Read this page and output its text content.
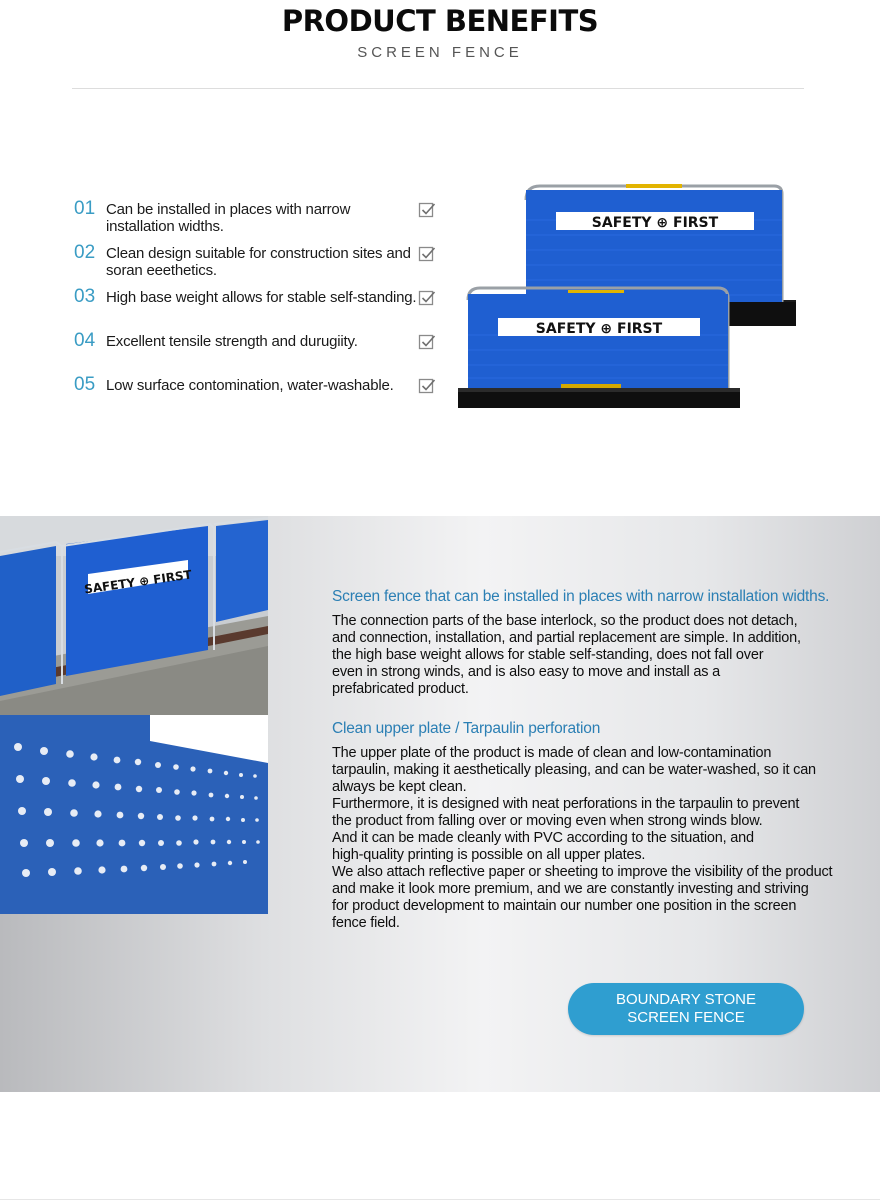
PRODUCT BENEFITS
SCREEN FENCE
01 Can be installed in places with narrow installation widths.
02 Clean design suitable for construction sites and soran eeethetics.
03 High base weight allows for stable self-standing.
04 Excellent tensile strength and durugiity.
05 Low surface contomination, water-washable.
SAFETY ⊕ FIRST
SAFETY ⊕ FIRST
SAFETY ⊕ FIRST
Screen fence that can be installed in places with narrow installation widths.
The connection parts of the base interlock, so the product does not detach,
and connection, installation, and partial replacement are simple. In addition,
the high base weight allows for stable self-standing, does not fall over
even in strong winds, and is also easy to move and install as a
prefabricated product.
Clean upper plate / Tarpaulin perforation
The upper plate of the product is made of clean and low-contamination
tarpaulin, making it aesthetically pleasing, and can be water-washed, so it can
always be kept clean.
Furthermore, it is designed with neat perforations in the tarpaulin to prevent
the product from falling over or moving even when strong winds blow.
And it can be made cleanly with PVC according to the situation, and
high-quality printing is possible on all upper plates.
We also attach reflective paper or sheeting to improve the visibility of the product
and make it look more premium, and we are constantly investing and striving
for product development to maintain our number one position in the screen
fence field.
BOUNDARY STONE
SCREEN FENCE
